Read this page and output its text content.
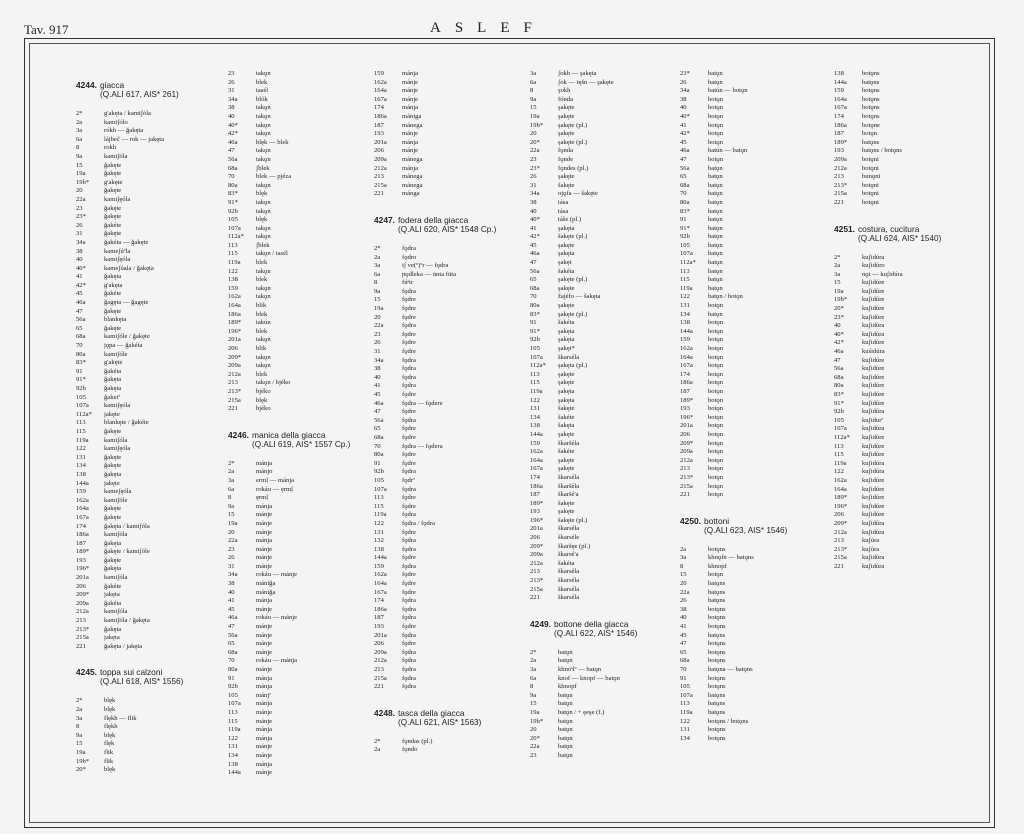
Tav. 917	ASLEF
4244. giacca
(Q.ALI 617, AIS* 261)
2*	g'akęta / kamiʃóla
2a	kamiʃólo
3a	rókh — ğakęta
6a	lájbeč — rok — jakęta
8	rokh
9a	kamiʃóla
15	ğakęte
19a	ğakęte
19b*	g'akęte
20	ğakęte
22a	kamiʃęóla
23	ğakęte
23*	ğakęte
26	ğakéte
31	ğakęte
34a	ğakéta — ğakęte
38	kameʃúªla
40	kamiʃęóla
40*	kameʃúala / ğakęta
41	ğakęta
42*	g'akęta
45	ğakéte
46a	ğagęta — ğagęte
47	ğakęte
56a	blankęta
65	ğakęte
68a	kamiʃóle / ğakęte
70	jǫpa — ğakéta
80a	kamiʃóle
83*	g'akęte
91	ğakéta
91*	ğakęta
92b	ğakęta
105	ğaketª
107a	kamiʃęóla
112a*	jakęte
113	blankęte / ğakéte
115	ğakęte
119a	kamiʃóla
122	kamiʃęóla
131	ğakęte
134	ğakęte
138	ğakęta
144a	jakęte
159	kameʃęóla
162a	kamiʃóle
164a	ğakęte
167a	ğakęte
174	ğakęta / kamiʃóla
186a	kamiʃóla
187	ğakęta
189*	ğakęte / kamiʃóle
193	ğakęte
196*	ğakęta
201a	kamiʃóla
206	ğakéte
209*	jakęta
209a	ğakéta
212a	kamiʃóla
213	kamiʃóla / ğakęta
213*	ğakęta
215a	jakęta
221	ğakęta / jakęta
4245. toppa sui calzoni
(Q.ALI 618, AIS* 1556)
2*	blęk
2a	blęk
3a	flękh — flik
8	flękh
9a	blęk
15	flęk
19a	flik
19b*	flik
20*	blęk
23	takǫn
26	blek
31	tasél
34a	blók
38	takǫn
40	takǫn
40*	takǫn
42*	takǫn
46a	blęk — blek
47	takǫn
56a	takǫn
68a	ʃblek
70	blek — pjéza
80a	takǫn
83*	blęk
91*	takǫn
92b	takǫn
105	blęk
107a	takǫn
112a*	takǫn
113	ʃblek
115	takǫn / tasél
119a	blek
122	takǫn
138	blek
159	takǫn
162a	takǫn
164a	blik
186a	blek
189*	takún
196*	blek
201a	takǫn
206	blik
209*	takǫn
209a	takǫn
212a	blek
213	takǫn / bjéko
213*	bjéko
215a	blęk
221	bjéko
4246. manica della giacca
(Q.ALI 619, AIS* 1557 Cp.)
2*	mánja
2a	mánjo
3a	ermḷ — mánja
6a	rokáu — ęrmḷ
8	ęrmḷ
9a	mánja
15	mánje
19a	mánje
20	mánje
22a	mánja
23	mánje
26	mánje
31	mánje
34a	rokáu — mánje
38	mániğa
40	mániğa
41	mánja
45	mánje
46a	rokáu — mánje
47	mánje
56a	mánje
65	mánje
68a	mánje
70	rokáu — mánja
80a	mánje
91	mánja
92b	mánja
105	mánjª
107a	mánja
113	mánje
115	mánje
119a	mánja
122	mánja
131	mánje
134	mánje
138	mánja
144a	mánje
159	mánja
162a	mánje
164a	mánje
167a	mánje
174	mánja
186a	mániga
187	mánega
193	mánje
201a	mánja
206	mánje
209a	mánega
212a	mánja
213	mánega
215a	mánega
221	mánga
4247. fodera della giacca
(Q.ALI 620, AIS* 1548 Cp.)
2*	fǫdra
2a	fǫdro
3a	iʃ ve(º)ºr — fǫdra
6a	pǫdleka — ūnta fūta
8	fúᵉtr
9a	fǫdra
15	fǫdre
19a	fǫdre
20	fǫdre
22a	fǫdra
23	fǫdre
26	fǫdre
31	fǫdre
34a	fǫdra
38	fǫdra
40	fǫdra
41	fǫdra
45	fǫdre
46a	fǫdra — fǫdere
47	fǫdre
56a	fǫdra
65	fǫdre
68a	fǫdre
70	fǫdra — fǫdera
80a	fǫdre
91	fǫdre
92b	fǫdra
105	fǫdrª
107a	fǫdra
113	fǫdre
115	fǫdre
119a	fǫdra
122	fǫdra / fǫdra
131	fǫdre
132	fǫdra
138	fǫdra
144a	fǫdre
159	fǫdra
162a	fǫdre
164a	fǫdre
167a	fǫdre
174	fǫdra
186a	fǫdra
187	fǫdra
193	fǫdre
201a	fǫdra
206	fǫdre
209a	fǫdra
212a	fǫdra
213	fǫdra
215a	fǫdra
221	fǫdra
4248. tasca della giacca
(Q.ALI 621, AIS* 1563)
2*	fǫndas (pl.)
2a	fǫndo
3a	ʃokh — şakęta
6a	ʃok — tęšn — şakęte
8	şokh
9a	fónda
15	şakęte
19a	şakęte
19b*	şakęte (pl.)
20	şakęte
20*	şakęte (pl.)
22a	fǫnda
23	fǫnde
23*	fǫndes (pl.)
26	şakęte
31	šakęte
34a	ojǫfa — šakęte
38	tása
40	tása
40*	táše (pl.)
41	şakęta
42*	šakęte (pl.)
45	şakęte
46a	şakęta
47	şakęt
56a	šakéta
65	şakęte (pl.)
68a	şakęte
70	žajéfo — šakęta
80a	şakęte
83*	şakęte (pl.)
91	šakéta
91*	şakęta
92b	şakęta
105	şakęt*
107a	škarséla
112a*	şakęta (pl.)
113	şakęte
115	şakęte
119a	şakęta
122	şakęta
131	šakęte
134	šakéte
138	šakęta
144a	şakęte
159	škaršéla
162a	šakéte
164a	şakęte
167a	şakęte
174	škarséla
186a	škaršéla
187	škaršé'a
189*	šakęte
193	şakęte
196*	šakęte (pl.)
201a	škarséla
206	škarséle
209*	škaršęe (pl.)
209a	škarsé'a
212a	šakéta
213	škarséla
213*	škarséla
215a	škarséla
221	škarséla
4249. bottone della giacca
(Q.ALI 622, AIS* 1546)
2*	batǫn
2a	batǫn
3a	khnóᵉlª — batǫn
6a	knof — knopf — batǫn
8	khnopf
9a	batǫn
15	batǫn
19a	batǫn / + ęeşe (f.)
19b*	batǫn
20	batǫn
20*	batǫn
22a	batǫn
23	batǫn
23*	batǫn
26	batǫn
34a	batún — botǫn
38	botǫn
40	botǫn
40*	botǫn
41	botǫn
42*	botǫn
45	botǫn
46a	batún — batǫn
47	botǫn
56a	batǫn
65	batǫn
68a	batǫn
70	batǫn
80a	batǫn
83*	batǫn
91	batǫn
91*	batǫn
92b	batǫn
105	batǫn
107a	batǫn
112a*	batǫn
113	batǫn
115	batǫn
119a	batǫn
122	batǫn / botǫn
131	botǫn
134	batǫn
138	botǫn
144a	botǫn
159	botǫn
162a	botǫn
164a	botǫn
167a	botǫn
174	botǫn
186a	botǫn
187	botǫn
189*	botǫn
193	botǫn
196*	botǫn
201a	botǫn
206	botǫn
209*	botǫn
209a	botǫn
212a	botǫn
213	botǫn
213*	botǫn
215a	botǫn
221	botǫn
4250. bottoni
(Q.ALI 623, AIS* 1546)
2a	botǫns
3a	khnǫfn — batǫns
8	khnopf
15	botǫn
20	batǫns
22a	batǫns
26	batǫns
38	botǫns
40	botǫns
41	botǫns
45	batǫns
47	botǫns
65	botǫns
68a	botǫns
70	batǫna — batǫns
91	botǫns
105	botǫns
107a	batǫns
113	batǫns
119a	batǫns
122	botǫns / botǫns
131	botǫns
134	botǫns
138	botǫns
144a	batǫns
159	botǫns
164a	botǫns
167a	botǫns
174	botǫns
186a	botǫne
187	botǫn
189*	batǫns
193	batǫns / botǫns
209a	botǫni
212a	botǫni
213	bunǫni
213*	botǫni
215a	botǫni
221	botǫni
4251. costura, cucitura
(Q.ALI 624, AIS* 1540)
2*	kuʃidúra
2a	kuʃidúro
3a	nǫt — kuʃidúra
15	kuʃidúre
19a	kuʃidúre
19b*	kuʃidúre
20*	kuʃidúre
23*	kuʃidúre
40	kuʃidúra
40*	kuʃidúra
42*	kuʃidúre
46a	kuśidúra
47	kuʃidúre
56a	kuʃidúre
68a	kuʃidúre
80a	kuʃidúre
83*	kuʃidúre
91*	kuʃidúre
92b	kuʃidúra
105	kuʃidurª
107a	kuʃidúra
112a*	kuʃidúre
113	kuʃidúre
115	kuʃidúre
119a	kuʃidúra
122	kuʃidúra
162a	kuʃidúre
164a	kuʃidúre
189*	koʃidúre
196*	kuʃidúre
206	kuʃidúre
209*	kuʃidúra
212a	kuʃidúra
213	kuʃúra
213*	kuʃúra
215a	kuʃidúra
221	kuʃidúra
